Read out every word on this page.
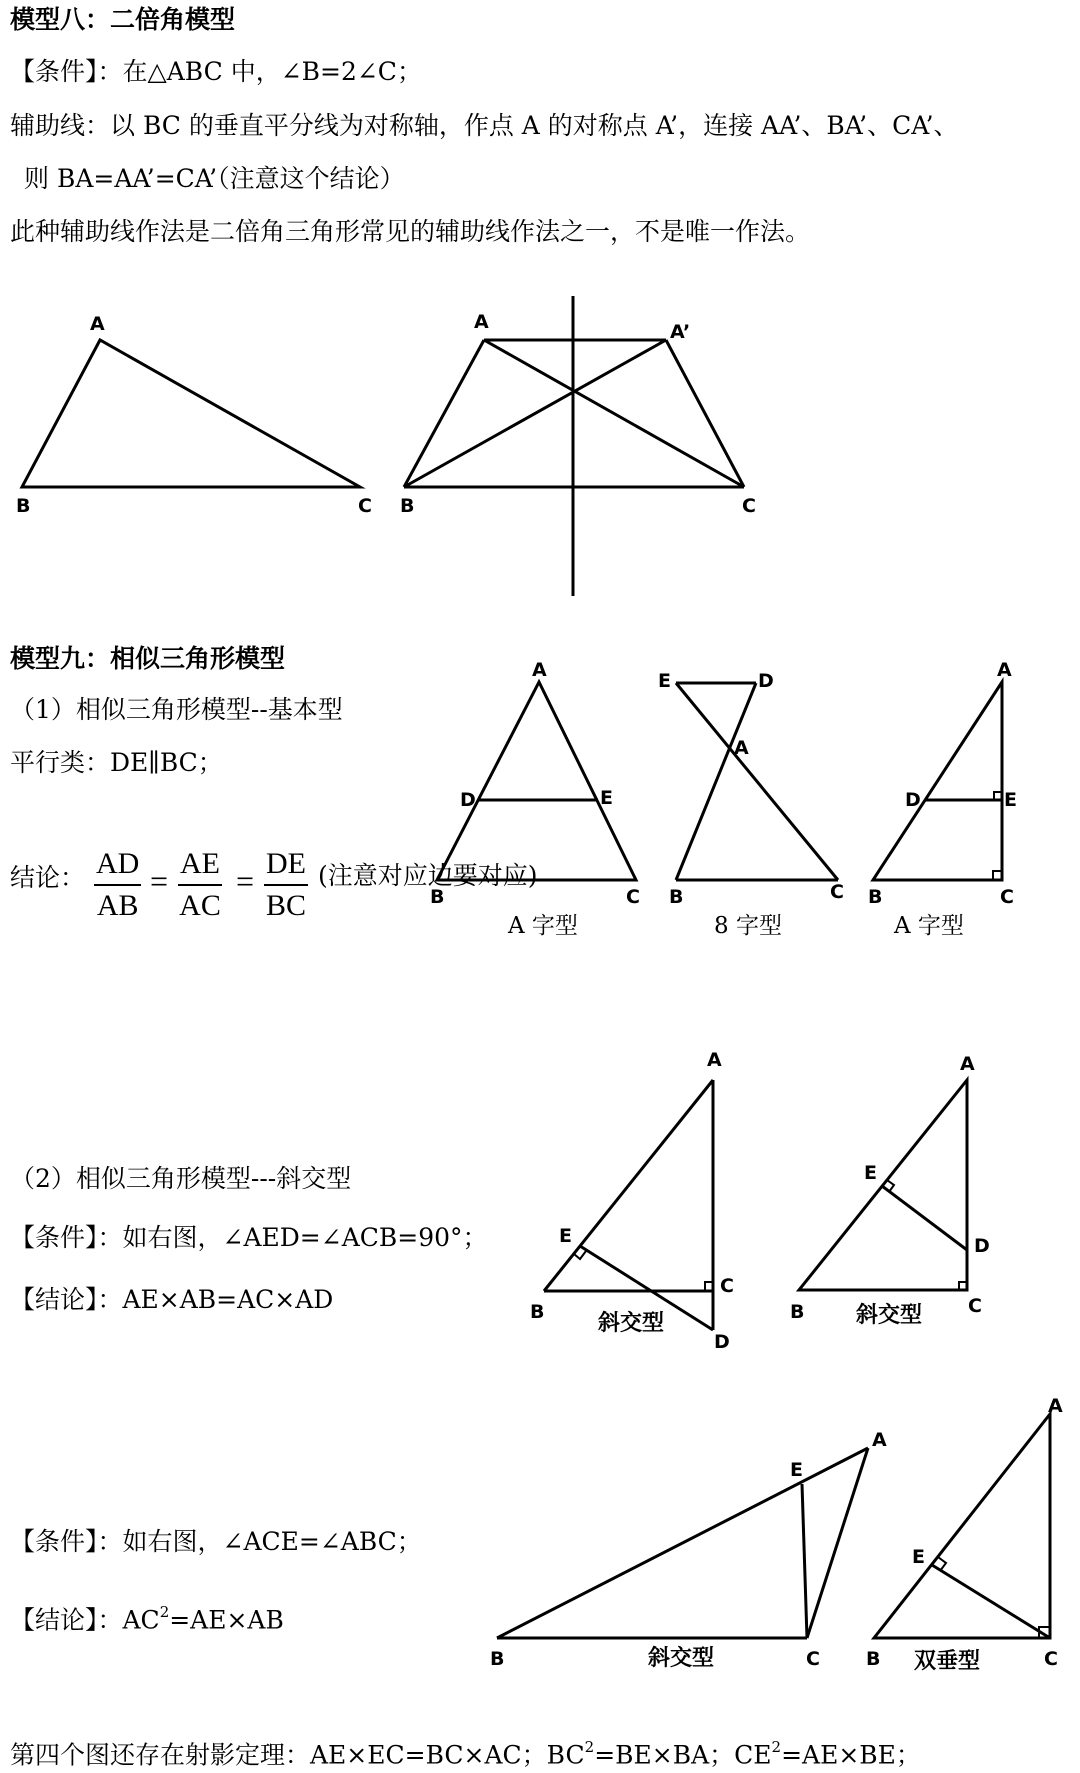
模型八：二倍角模型
【条件】：在△ABC 中，∠B=2∠C；
辅助线：以 BC 的垂直平分线为对称轴，作点 A 的对称点 A’，连接 AA’、BA’、CA’、
则 BA=AA’=CA’（注意这个结论）
此种辅助线作法是二倍角三角形常见的辅助线作法之一，不是唯一作法。
模型九：相似三角形模型
（1）相似三角形模型--基本型
平行类：DE∥BC；
结论： $\frac{AD}{AB} = \frac{AE}{AC} = \frac{DE}{BC}$ (注意对应边要对应)
（2）相似三角形模型---斜交型
【条件】：如右图，∠AED=∠ACB=90°；
【结论】：AE×AB=AC×AD
【条件】：如右图，∠ACE=∠ABC；
【结论】：$AC^2=AE\times AB$
第四个图还存在射影定理：AE×EC=BC×AC；$BC^2=BE\times BA$；$CE^2=AE\times BE$；
A
B	C
A	A’
B	C
A
D	E
B	C
A 字型
E	D
A
B	C
8 字型
A
D	E
B	C
A 字型
A
E
B
C
D
斜交型
A
E
D
B	C
斜交型
A
E
B	C
斜交型
A
E
B	C
双垂型
